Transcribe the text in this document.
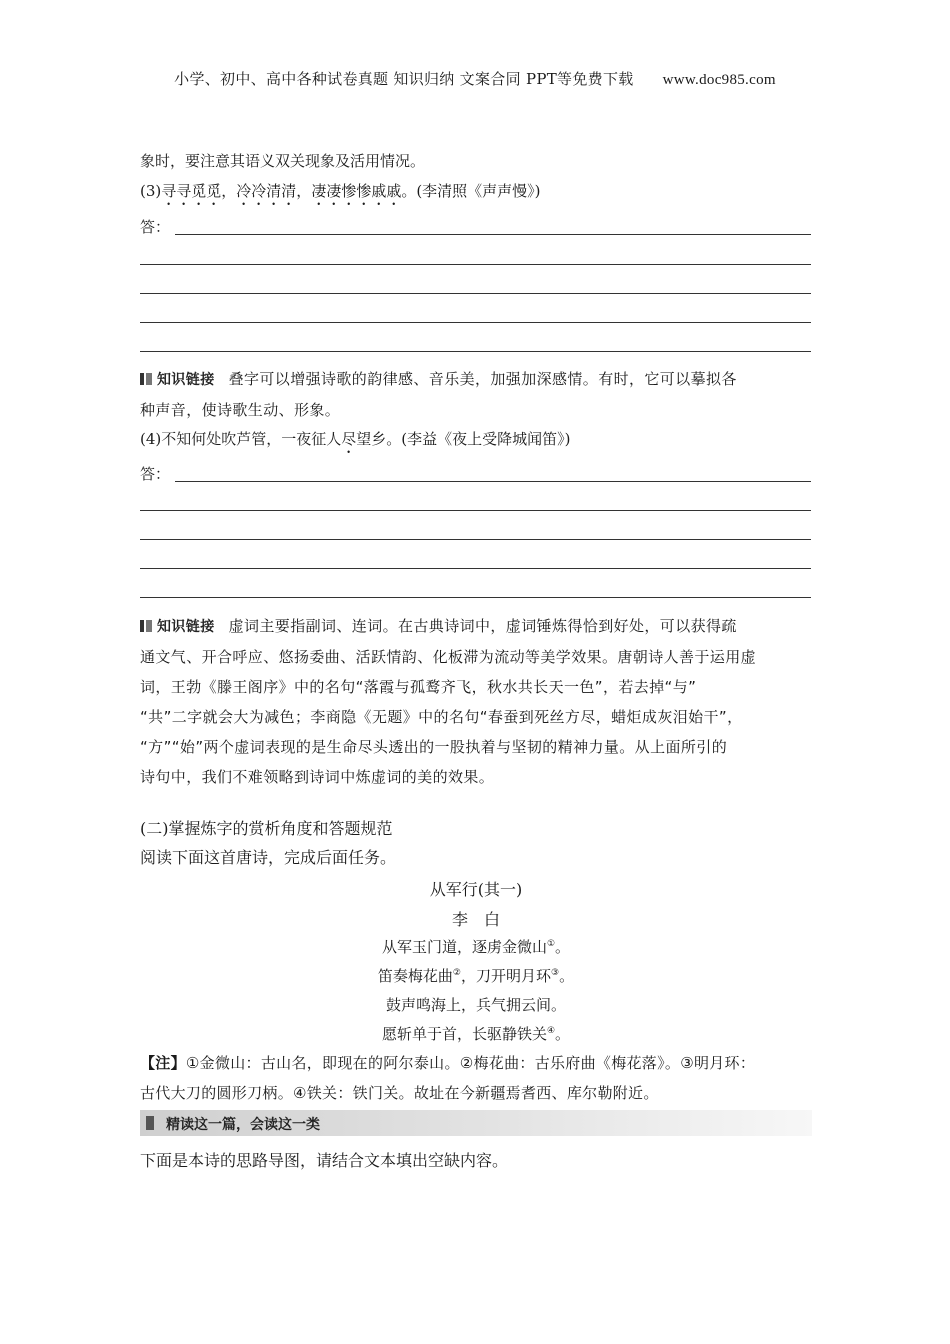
小学、初中、高中各种试卷真题 知识归纳 文案合同 PPT等免费下载 www.doc985.com
象时，要注意其语义双关现象及活用情况。
(3)寻寻觅觅，冷冷清清，凄凄惨惨戚戚。(李清照《声声慢》)
答：
知识链接 叠字可以增强诗歌的韵律感、音乐美，加强加深感情。有时，它可以摹拟各
种声音，使诗歌生动、形象。
(4)不知何处吹芦管，一夜征人尽望乡。(李益《夜上受降城闻笛》)
答：
知识链接 虚词主要指副词、连词。在古典诗词中，虚词锤炼得恰到好处，可以获得疏
通文气、开合呼应、悠扬委曲、活跃情韵、化板滞为流动等美学效果。唐朝诗人善于运用虚
词，王勃《滕王阁序》中的名句“落霞与孤鹜齐飞，秋水共长天一色”，若去掉“与”
“共”二字就会大为减色；李商隐《无题》中的名句“春蚕到死丝方尽，蜡炬成灰泪始干”，
“方”“始”两个虚词表现的是生命尽头透出的一股执着与坚韧的精神力量。从上面所引的
诗句中，我们不难领略到诗词中炼虚词的美的效果。
(二)掌握炼字的赏析角度和答题规范
阅读下面这首唐诗，完成后面任务。
从军行(其一)
李　白
从军玉门道，逐虏金微山①。
笛奏梅花曲②，刀开明月环③。
鼓声鸣海上，兵气拥云间。
愿斩单于首，长驱静铁关④。
【注】①金微山：古山名，即现在的阿尔泰山。②梅花曲：古乐府曲《梅花落》。③明月环：
古代大刀的圆形刀柄。④铁关：铁门关。故址在今新疆焉耆西、库尔勒附近。
精读这一篇，会读这一类
下面是本诗的思路导图，请结合文本填出空缺内容。
